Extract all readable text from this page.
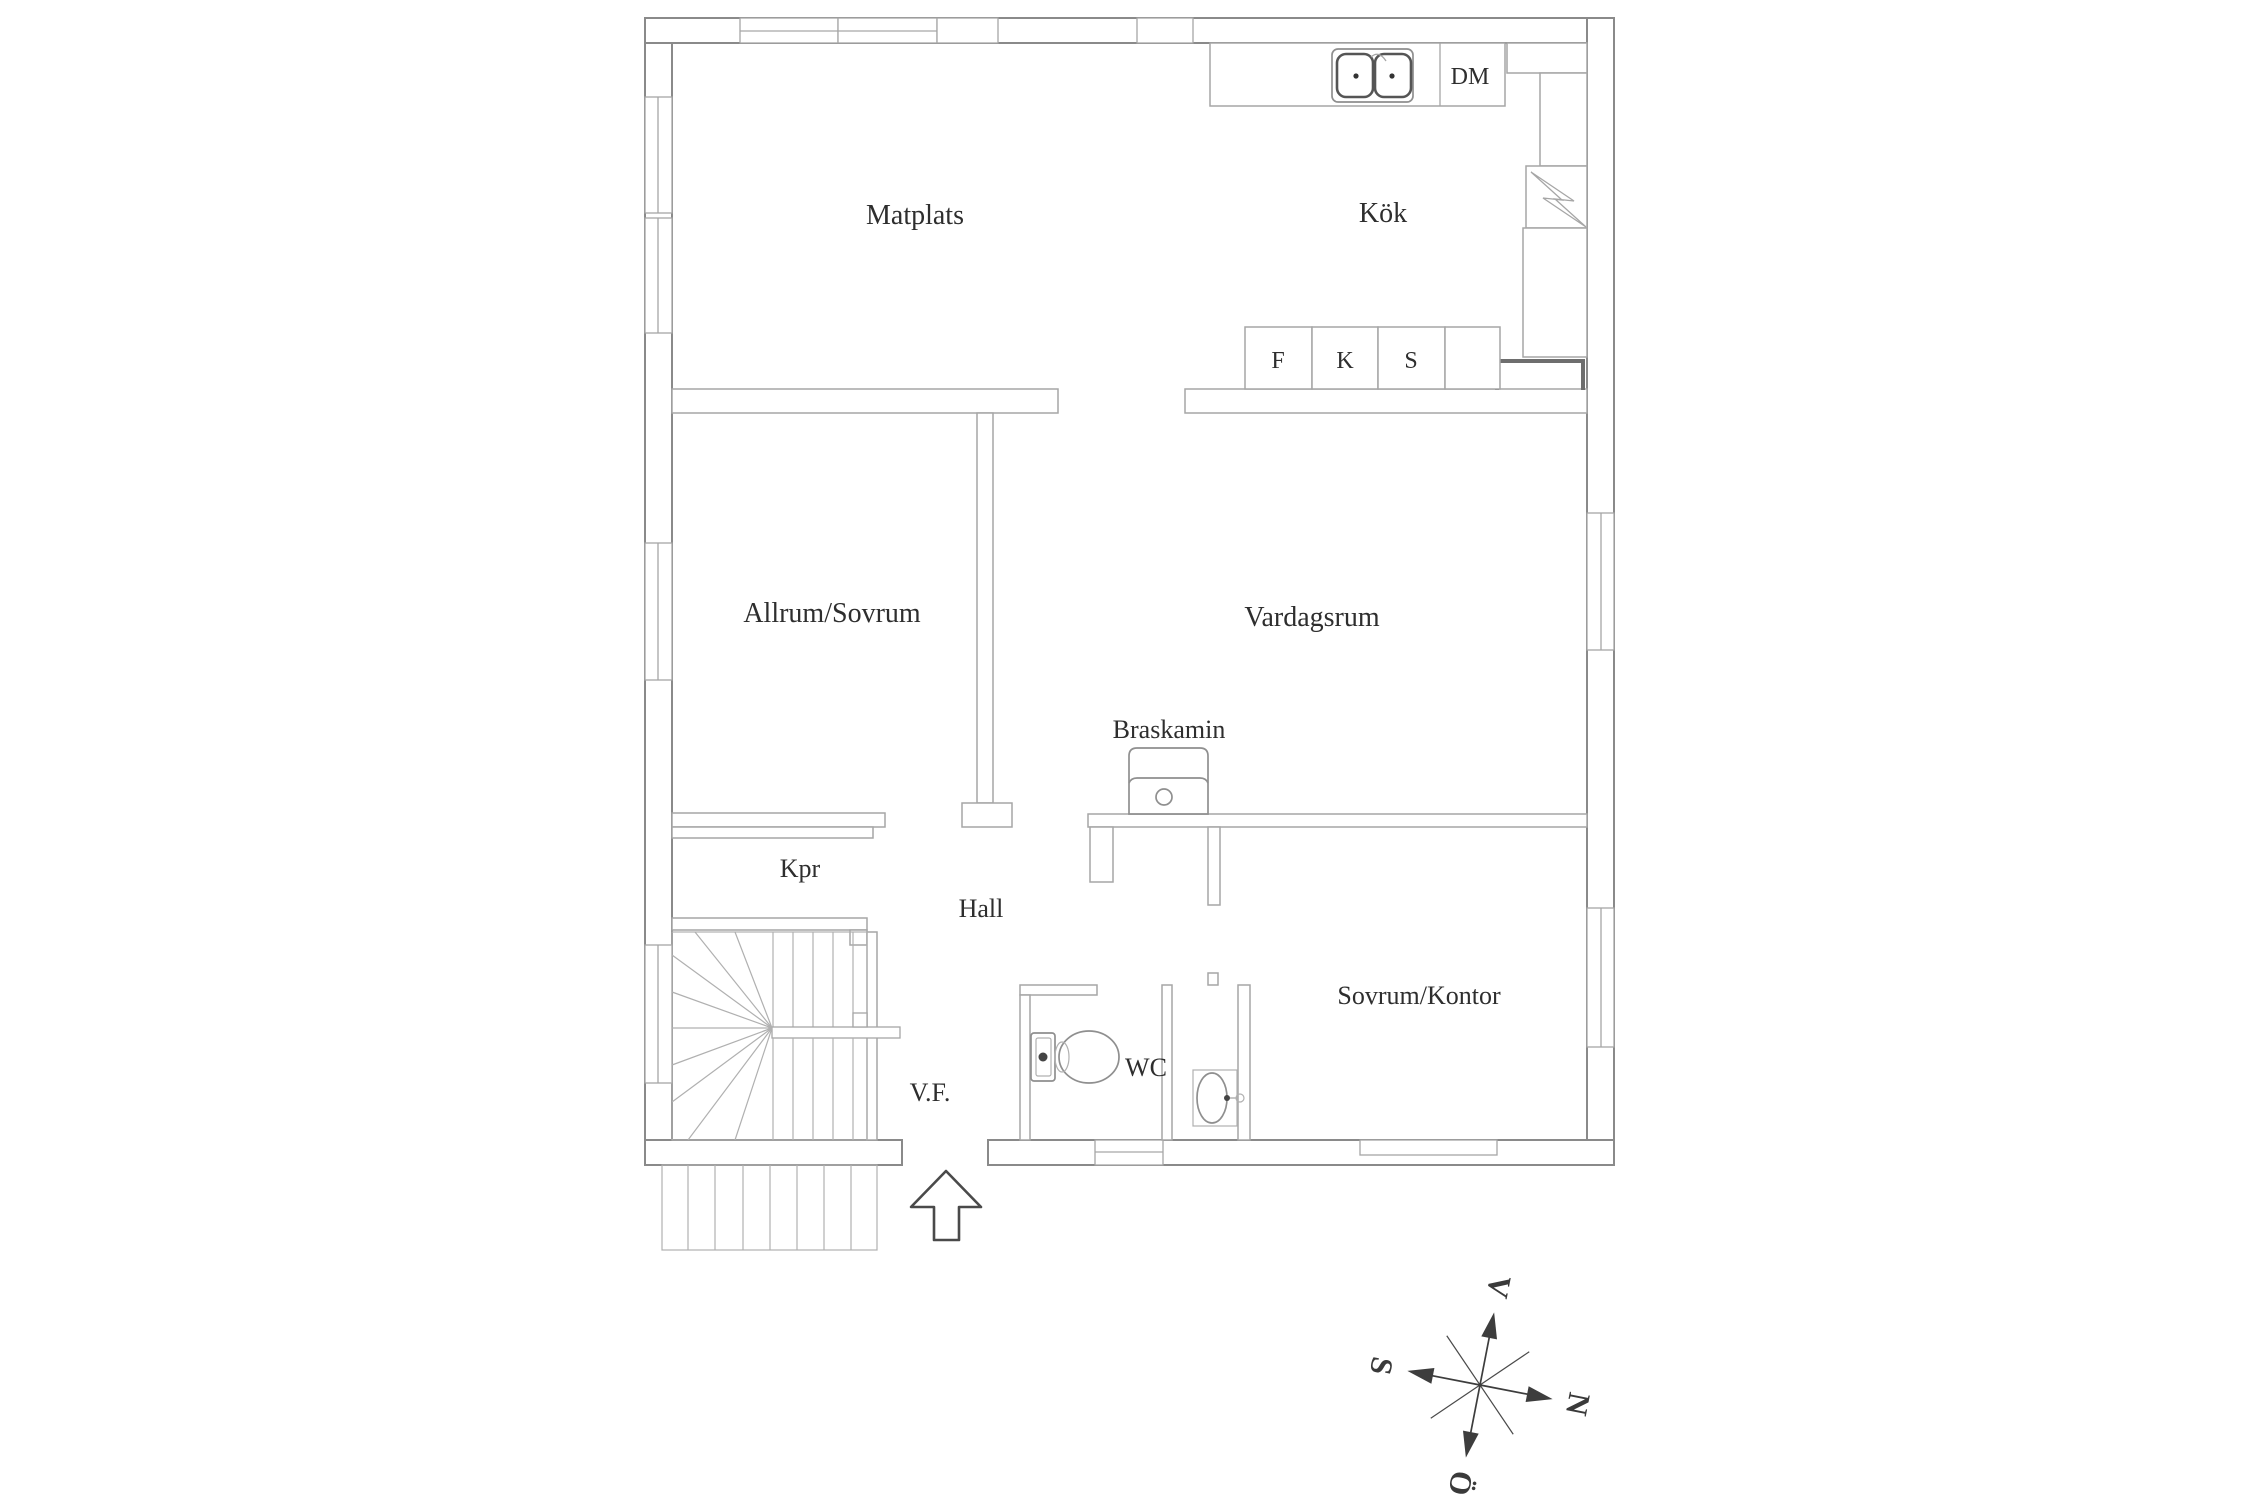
V
S
N
Ö
Matplats	Kök
DM
F K S
Allrum/Sovrum	Vardagsrum
Braskamin
Kpr
Hall
V.F.
WC
Sovrum/Kontor
